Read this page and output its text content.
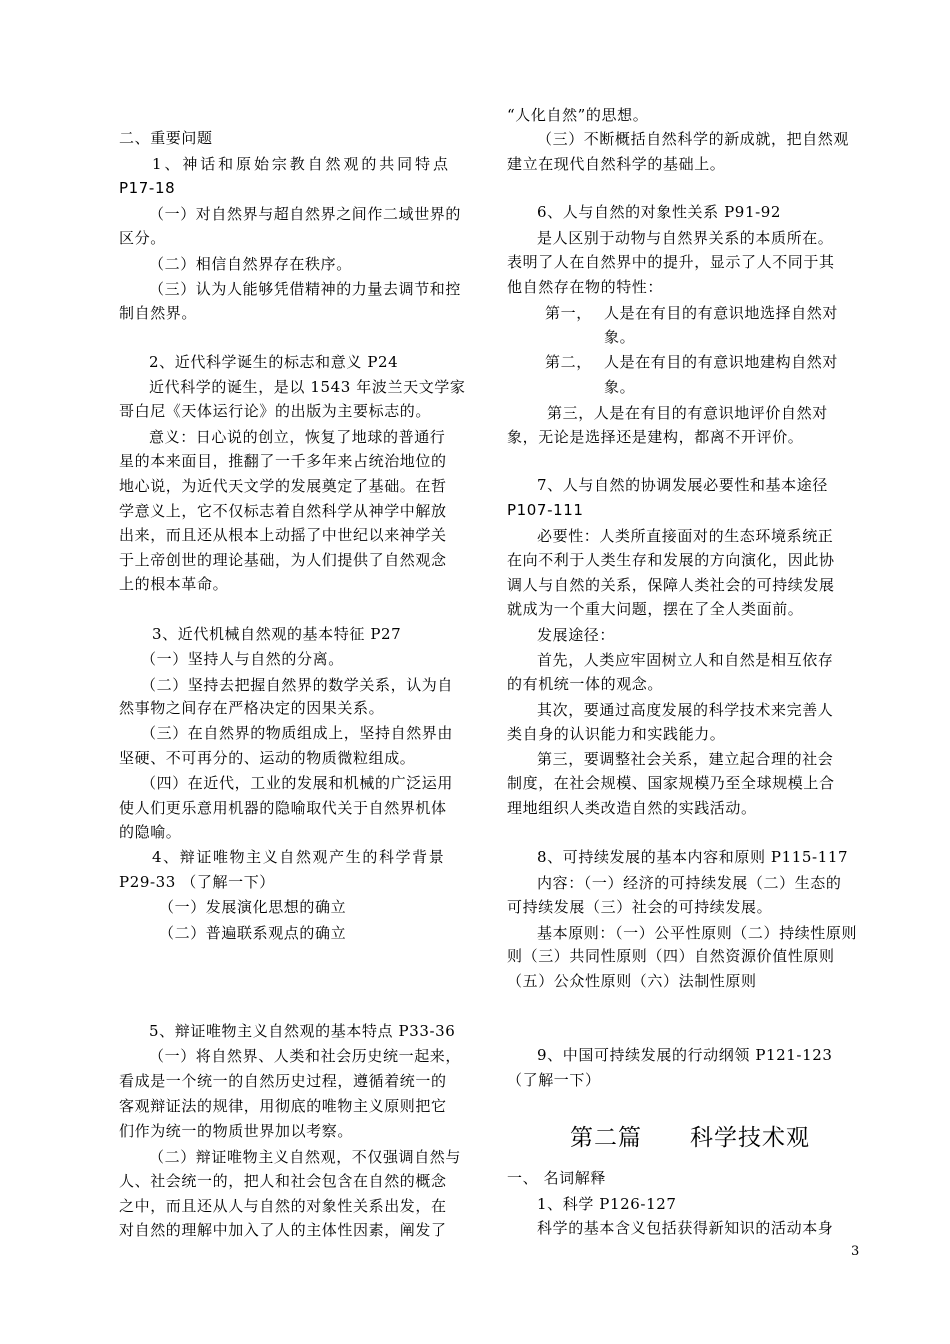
二、重要问题
1、神话和原始宗教自然观的共同特点
P17-18
（一）对自然界与超自然界之间作二域世界的
区分。
（二）相信自然界存在秩序。
（三）认为人能够凭借精神的力量去调节和控
制自然界。
2、近代科学诞生的标志和意义 P24
近代科学的诞生，是以 1543 年波兰天文学家
哥白尼《天体运行论》的出版为主要标志的。
意义：日心说的创立，恢复了地球的普通行
星的本来面目，推翻了一千多年来占统治地位的
地心说，为近代天文学的发展奠定了基础。在哲
学意义上，它不仅标志着自然科学从神学中解放
出来，而且还从根本上动摇了中世纪以来神学关
于上帝创世的理论基础，为人们提供了自然观念
上的根本革命。
3、近代机械自然观的基本特征 P27
（一）坚持人与自然的分离。
（二）坚持去把握自然界的数学关系，认为自
然事物之间存在严格决定的因果关系。
（三）在自然界的物质组成上，坚持自然界由
坚硬、不可再分的、运动的物质微粒组成。
（四）在近代，工业的发展和机械的广泛运用
使人们更乐意用机器的隐喻取代关于自然界机体
的隐喻。
4、辩证唯物主义自然观产生的科学背景
P29-33 （了解一下）
（一）发展演化思想的确立
（二）普遍联系观点的确立
5、辩证唯物主义自然观的基本特点 P33-36
（一）将自然界、人类和社会历史统一起来，
看成是一个统一的自然历史过程，遵循着统一的
客观辩证法的规律，用彻底的唯物主义原则把它
们作为统一的物质世界加以考察。
（二）辩证唯物主义自然观，不仅强调自然与
人、社会统一的，把人和社会包含在自然的概念
之中，而且还从人与自然的对象性关系出发，在
对自然的理解中加入了人的主体性因素，阐发了
“人化自然”的思想。
（三）不断概括自然科学的新成就，把自然观
建立在现代自然科学的基础上。
6、人与自然的对象性关系 P91-92
是人区别于动物与自然界关系的本质所在。
表明了人在自然界中的提升，显示了人不同于其
他自然存在物的特性：
第一， 人是在有目的有意识地选择自然对
象。
第二， 人是在有目的有意识地建构自然对
象。
第三，人是在有目的有意识地评价自然对
象，无论是选择还是建构，都离不开评价。
7、人与自然的协调发展必要性和基本途径
P107-111
必要性：人类所直接面对的生态环境系统正
在向不利于人类生存和发展的方向演化，因此协
调人与自然的关系，保障人类社会的可持续发展
就成为一个重大问题，摆在了全人类面前。
发展途径：
首先，人类应牢固树立人和自然是相互依存
的有机统一体的观念。
其次，要通过高度发展的科学技术来完善人
类自身的认识能力和实践能力。
第三，要调整社会关系，建立起合理的社会
制度，在社会规模、国家规模乃至全球规模上合
理地组织人类改造自然的实践活动。
8、可持续发展的基本内容和原则 P115-117
内容：（一）经济的可持续发展（二）生态的
可持续发展（三）社会的可持续发展。
基本原则：（一）公平性原则（二）持续性原则
则（三）共同性原则（四）自然资源价值性原则
（五）公众性原则（六）法制性原则
9、中国可持续发展的行动纲领 P121-123
（了解一下）
第二篇　　科学技术观
一、 名词解释
1、科学 P126-127
科学的基本含义包括获得新知识的活动本身
3
